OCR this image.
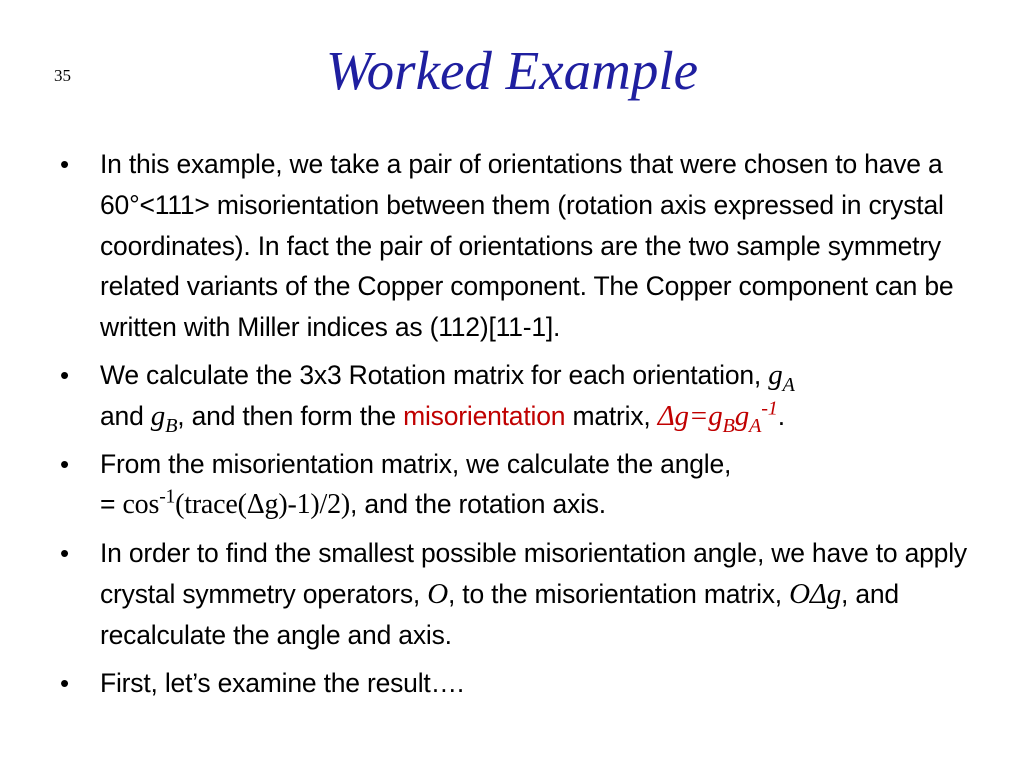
35	Worked Example
• In this example, we take a pair of orientations that were chosen to have a 60°<111> misorientation between them (rotation axis expressed in crystal coordinates). In fact the pair of orientations are the two sample symmetry related variants of the Copper component. The Copper component can be written with Miller indices as (112)[11-1].
• We calculate the 3x3 Rotation matrix for each orientation, $g_A$
and $g_B$, and then form the misorientation matrix, $\Delta g=g_Bg_A^{-1}$.
• From the misorientation matrix, we calculate the angle,
= $\cos^{-1}(trace(\Delta g)-1)/2$), and the rotation axis.
• In order to find the smallest possible misorientation angle, we have to apply crystal symmetry operators, O, to the misorientation matrix, OΔg, and recalculate the angle and axis.
• First, let’s examine the result….
